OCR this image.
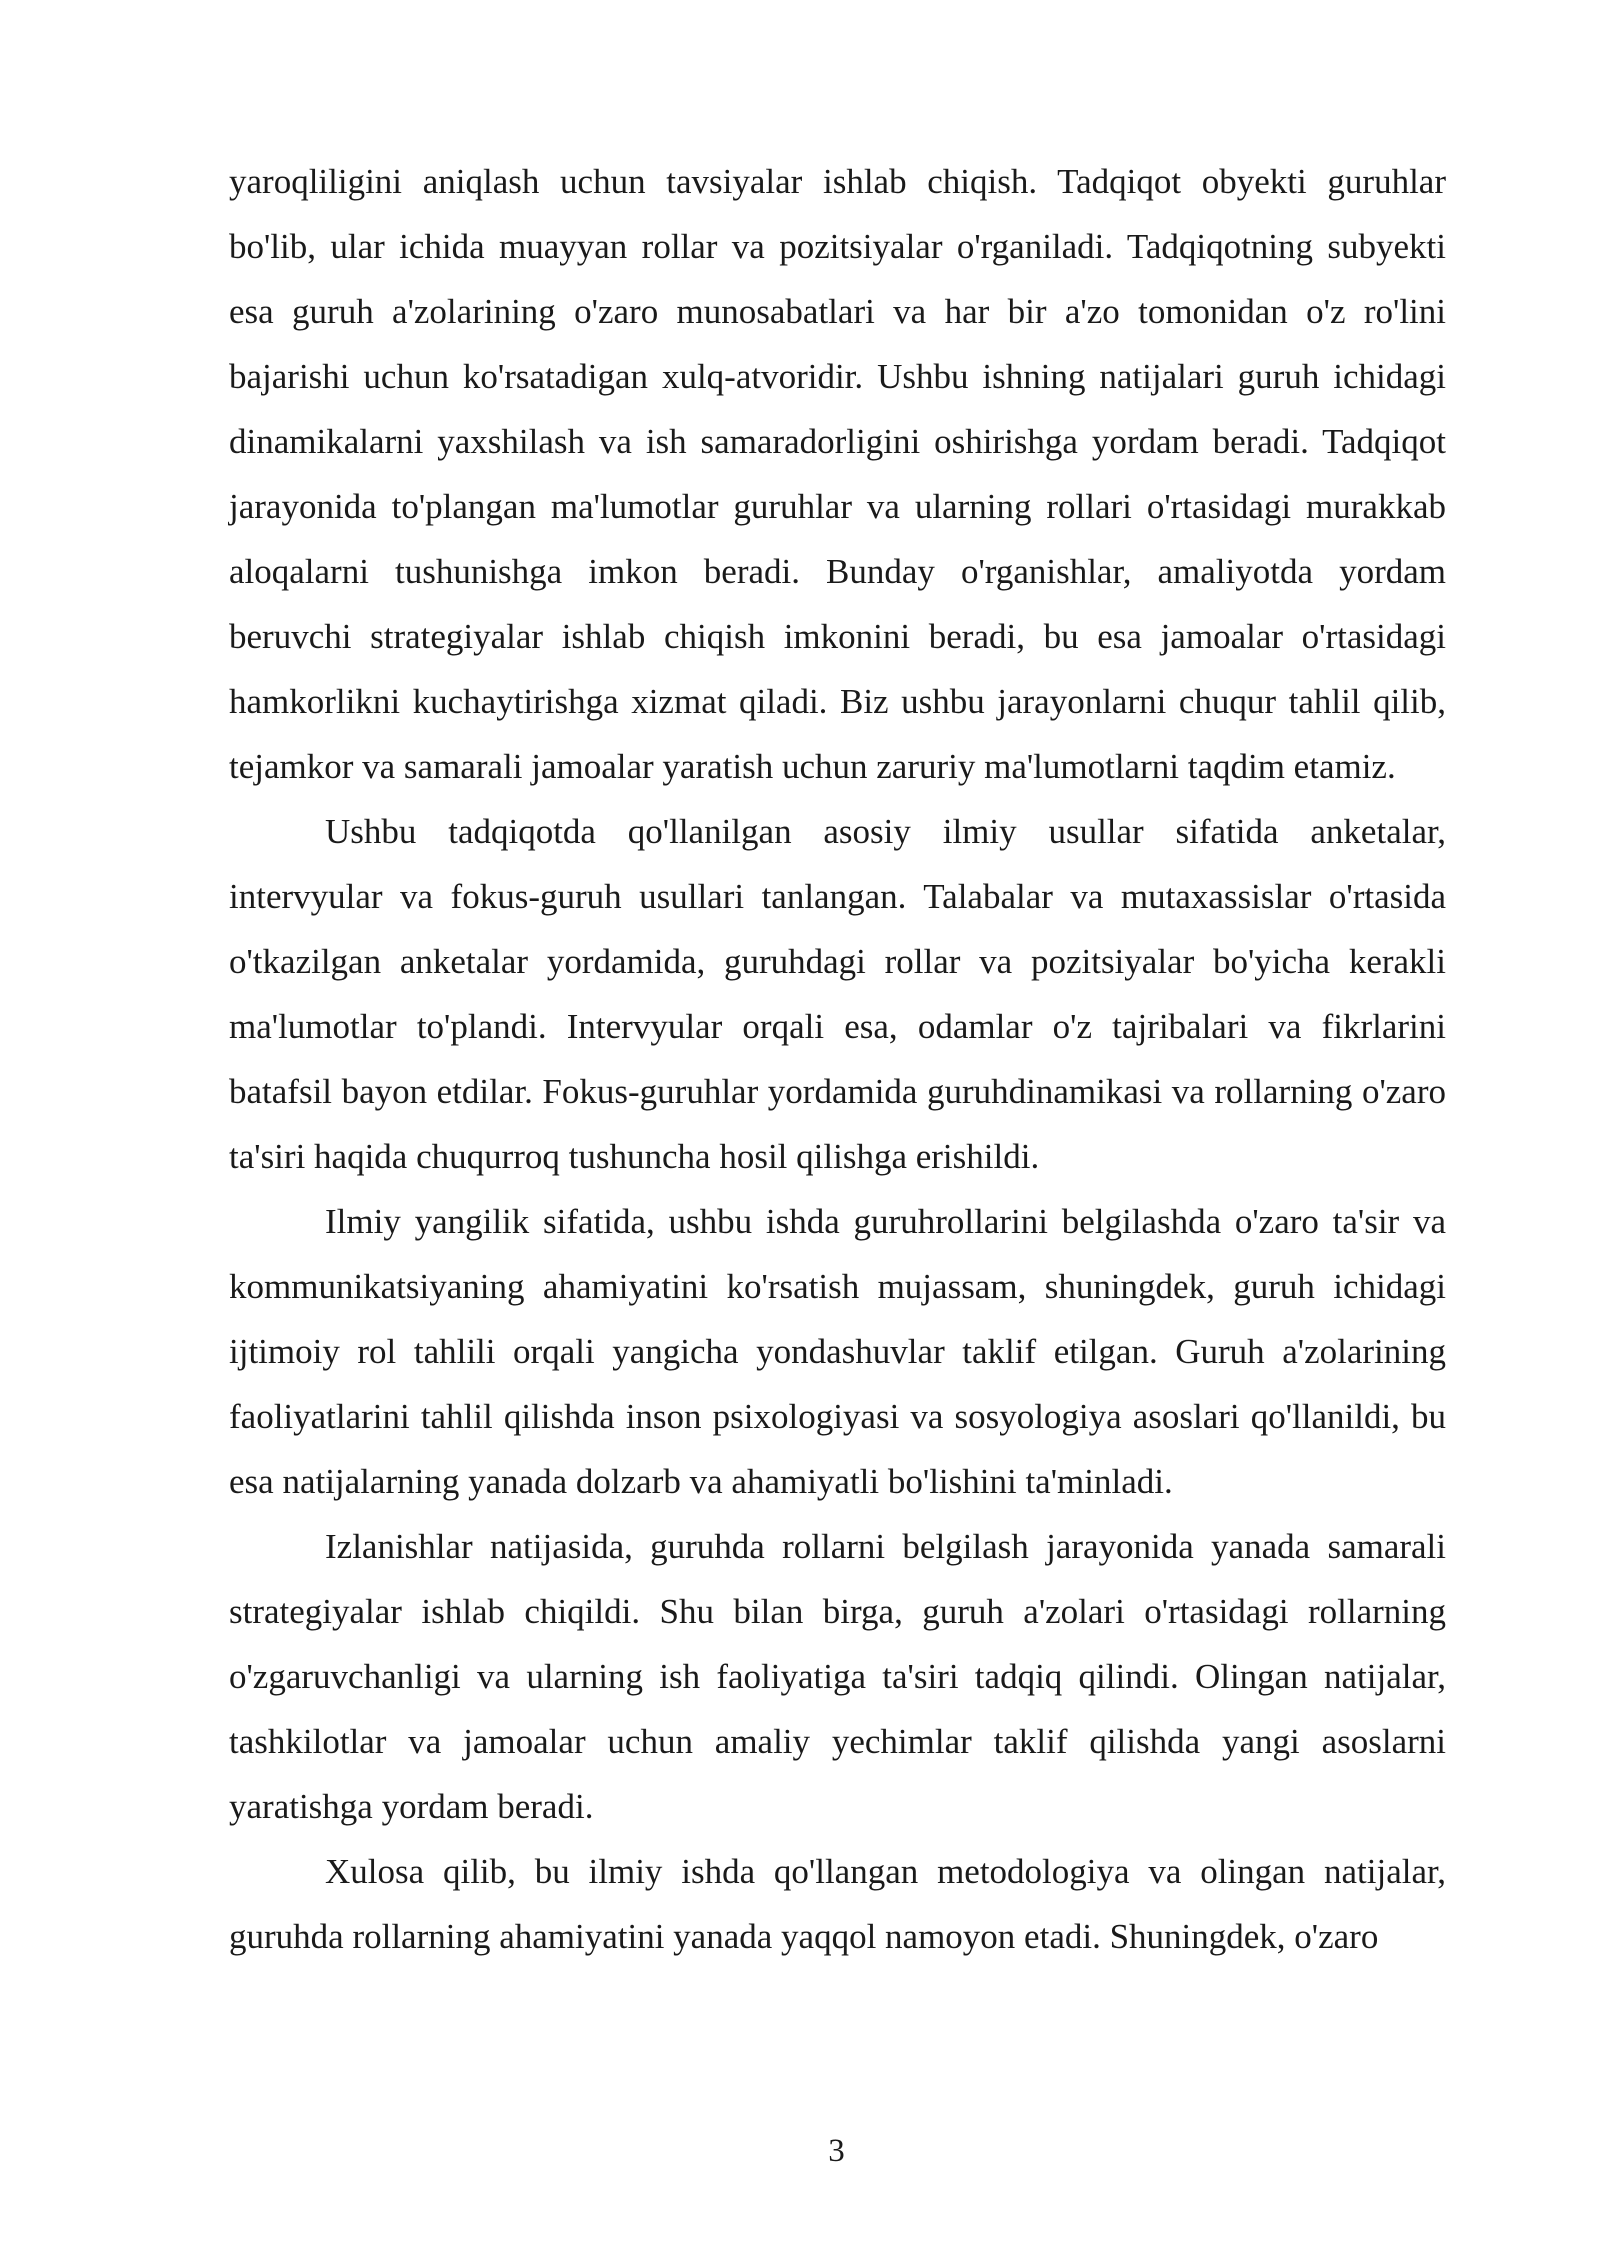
yaroqliligini aniqlash uchun tavsiyalar ishlab chiqish. Tadqiqot obyekti guruhlar bo'lib, ular ichida muayyan rollar va pozitsiyalar o'rganiladi. Tadqiqotning subyekti esa guruh a'zolarining o'zaro munosabatlari va har bir a'zo tomonidan o'z ro'lini bajarishi uchun ko'rsatadigan xulq-atvoridir. Ushbu ishning natijalari guruh ichidagi dinamikalarni yaxshilash va ish samaradorligini oshirishga yordam beradi. Tadqiqot jarayonida to'plangan ma'lumotlar guruhlar va ularning rollari o'rtasidagi murakkab aloqalarni tushunishga imkon beradi. Bunday o'rganishlar, amaliyotda yordam beruvchi strategiyalar ishlab chiqish imkonini beradi, bu esa jamoalar o'rtasidagi hamkorlikni kuchaytirishga xizmat qiladi. Biz ushbu jarayonlarni chuqur tahlil qilib, tejamkor va samarali jamoalar yaratish uchun zaruriy ma'lumotlarni taqdim etamiz.

Ushbu tadqiqotda qo'llanilgan asosiy ilmiy usullar sifatida anketalar, intervyular va fokus-guruh usullari tanlangan. Talabalar va mutaxassislar o'rtasida o'tkazilgan anketalar yordamida, guruhdagi rollar va pozitsiyalar bo'yicha kerakli ma'lumotlar to'plandi. Intervyular orqali esa, odamlar o'z tajribalari va fikrlarini batafsil bayon etdilar. Fokus-guruhlar yordamida guruhdinamikasi va rollarning o'zaro ta'siri haqida chuqurroq tushuncha hosil qilishga erishildi.

Ilmiy yangilik sifatida, ushbu ishda guruhrollarini belgilashda o'zaro ta'sir va kommunikatsiyaning ahamiyatini ko'rsatish mujassam, shuningdek, guruh ichidagi ijtimoiy rol tahlili orqali yangicha yondashuvlar taklif etilgan. Guruh a'zolarining faoliyatlarini tahlil qilishda inson psixologiyasi va sosyologiya asoslari qo'llanildi, bu esa natijalarning yanada dolzarb va ahamiyatli bo'lishini ta'minladi.

Izlanishlar natijasida, guruhda rollarni belgilash jarayonida yanada samarali strategiyalar ishlab chiqildi. Shu bilan birga, guruh a'zolari o'rtasidagi rollarning o'zgaruvchanligi va ularning ish faoliyatiga ta'siri tadqiq qilindi. Olingan natijalar, tashkilotlar va jamoalar uchun amaliy yechimlar taklif qilishda yangi asoslarni yaratishga yordam beradi.

Xulosa qilib, bu ilmiy ishda qo'llangan metodologiya va olingan natijalar, guruhda rollarning ahamiyatini yanada yaqqol namoyon etadi. Shuningdek, o'zaro

3
